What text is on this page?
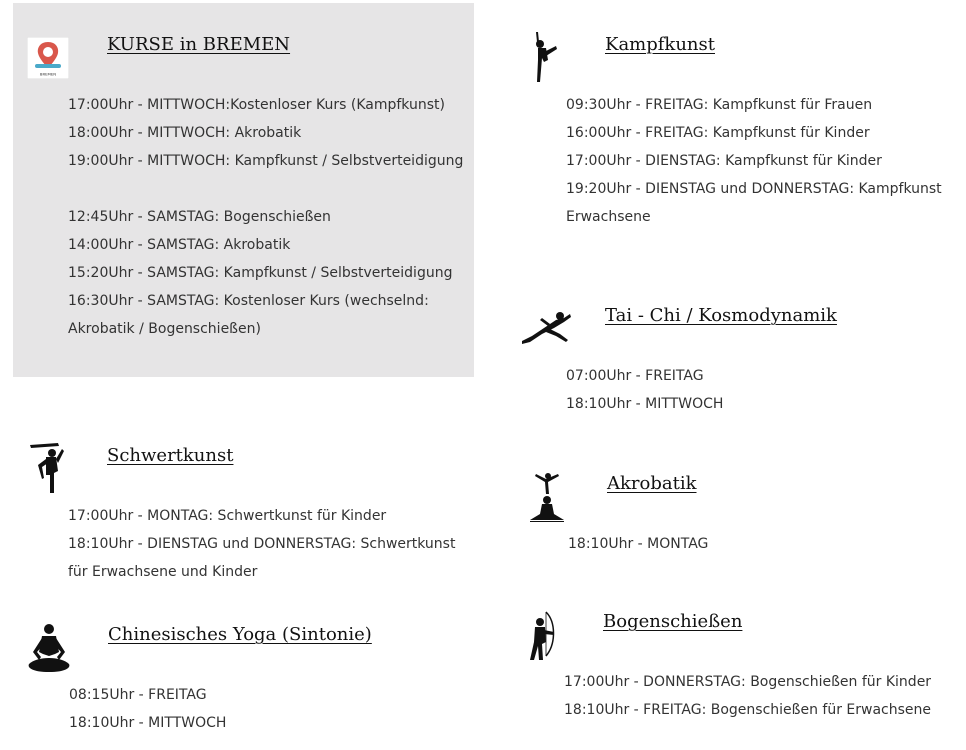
BREMEN
KURSE in BREMEN
17:00Uhr - MITTWOCH:Kostenloser Kurs (Kampfkunst)
18:00Uhr - MITTWOCH: Akrobatik
19:00Uhr - MITTWOCH: Kampfkunst / Selbstverteidigung
12:45Uhr - SAMSTAG: Bogenschießen
14:00Uhr - SAMSTAG: Akrobatik
15:20Uhr - SAMSTAG: Kampfkunst / Selbstverteidigung
16:30Uhr - SAMSTAG: Kostenloser Kurs (wechselnd:
Akrobatik / Bogenschießen)
Kampfkunst
09:30Uhr - FREITAG: Kampfkunst für Frauen
16:00Uhr - FREITAG: Kampfkunst für Kinder
17:00Uhr - DIENSTAG: Kampfkunst für Kinder
19:20Uhr - DIENSTAG und DONNERSTAG: Kampfkunst
Erwachsene
Tai - Chi / Kosmodynamik
07:00Uhr - FREITAG
18:10Uhr - MITTWOCH
Schwertkunst
17:00Uhr - MONTAG: Schwertkunst für Kinder
18:10Uhr - DIENSTAG und DONNERSTAG: Schwertkunst
für Erwachsene und Kinder
Akrobatik
18:10Uhr - MONTAG
Chinesisches Yoga (Sintonie)
08:15Uhr - FREITAG
18:10Uhr - MITTWOCH
Bogenschießen
17:00Uhr - DONNERSTAG: Bogenschießen für Kinder
18:10Uhr - FREITAG: Bogenschießen für Erwachsene
